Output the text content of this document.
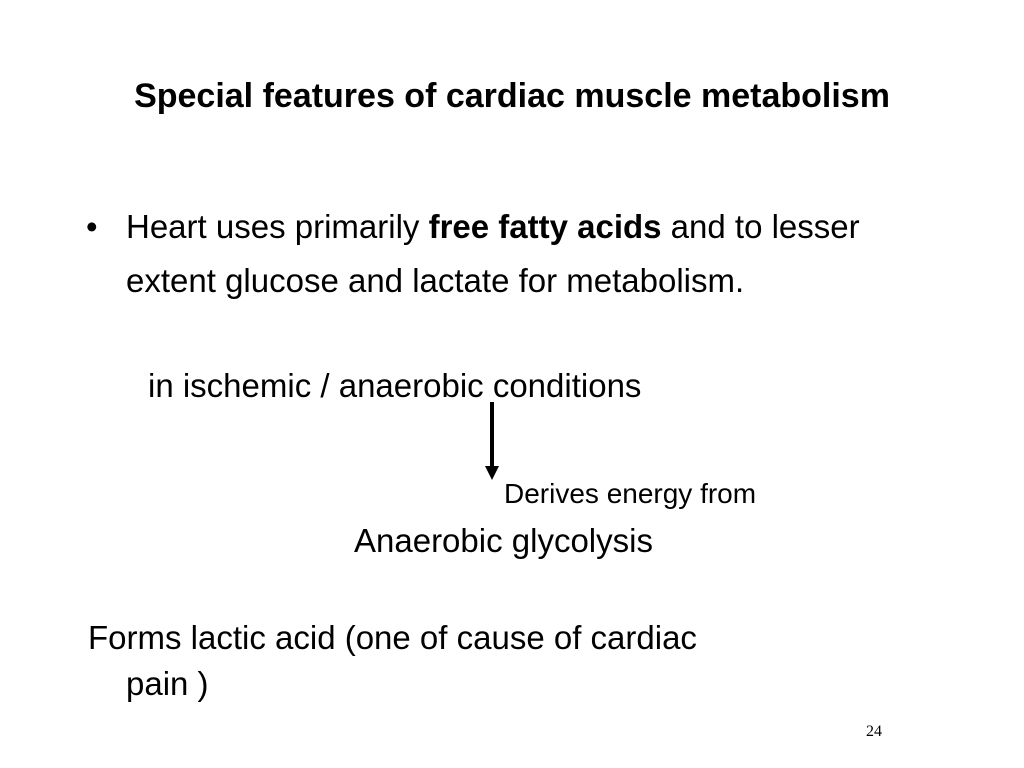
Special features of cardiac muscle metabolism
• Heart uses primarily free fatty acids and to lesser extent glucose and lactate for metabolism.
in ischemic / anaerobic conditions
Derives energy from
Anaerobic glycolysis
Forms lactic acid (one of cause of cardiac
pain )
24
